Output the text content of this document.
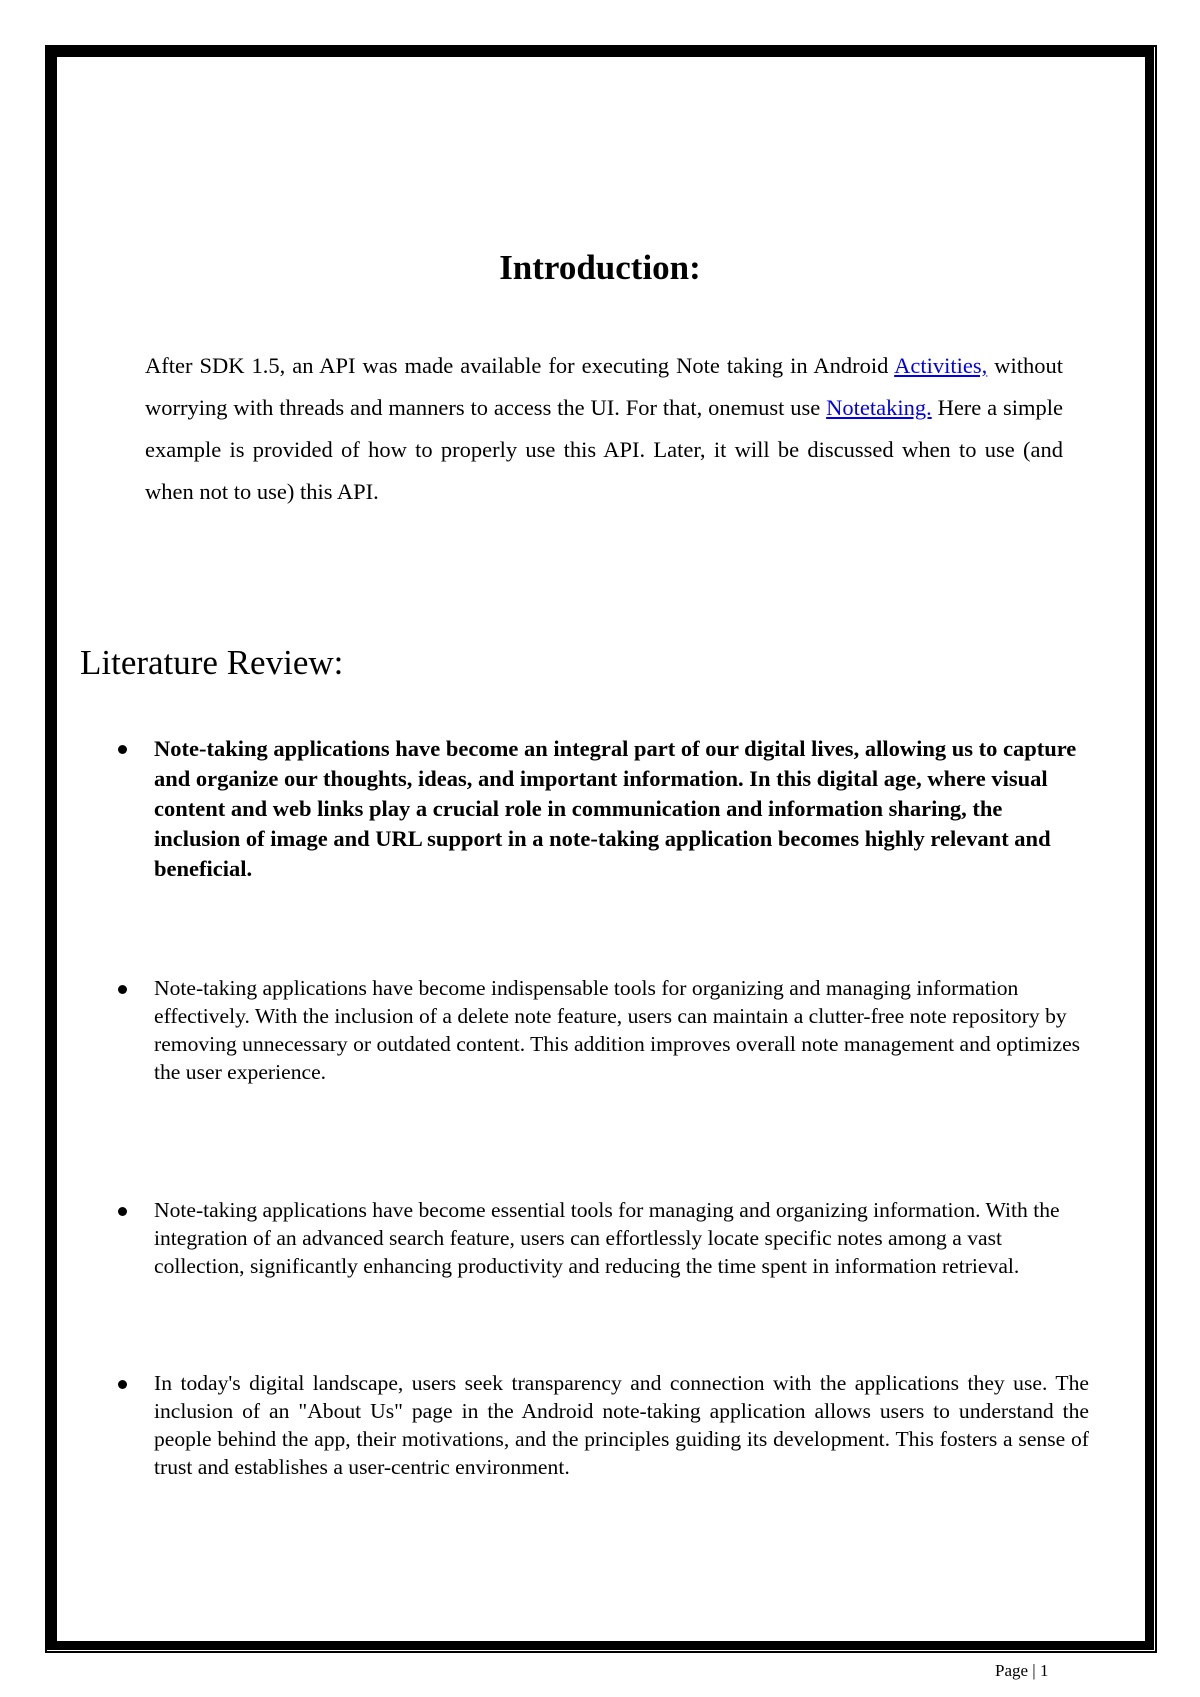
Introduction:

After SDK 1.5, an API was made available for executing Note taking in Android Activities, without worrying with threads and manners to access the UI. For that, onemust use Notetaking. Here a simple example is provided of how to properly use this API. Later, it will be discussed when to use (and when not to use) this API.

Literature Review:

Note-taking applications have become an integral part of our digital lives, allowing us to capture and organize our thoughts, ideas, and important information. In this digital age, where visual content and web links play a crucial role in communication and information sharing, the inclusion of image and URL support in a note-taking application becomes highly relevant and beneficial.

Note-taking applications have become indispensable tools for organizing and managing information effectively. With the inclusion of a delete note feature, users can maintain a clutter-free note repository by removing unnecessary or outdated content. This addition improves overall note management and optimizes the user experience.

Note-taking applications have become essential tools for managing and organizing information. With the integration of an advanced search feature, users can effortlessly locate specific notes among a vast collection, significantly enhancing productivity and reducing the time spent in information retrieval.

In today's digital landscape, users seek transparency and connection with the applications they use. The inclusion of an "About Us" page in the Android note-taking application allows users to understand the people behind the app, their motivations, and the principles guiding its development. This fosters a sense of trust and establishes a user-centric environment.

Page | 1
